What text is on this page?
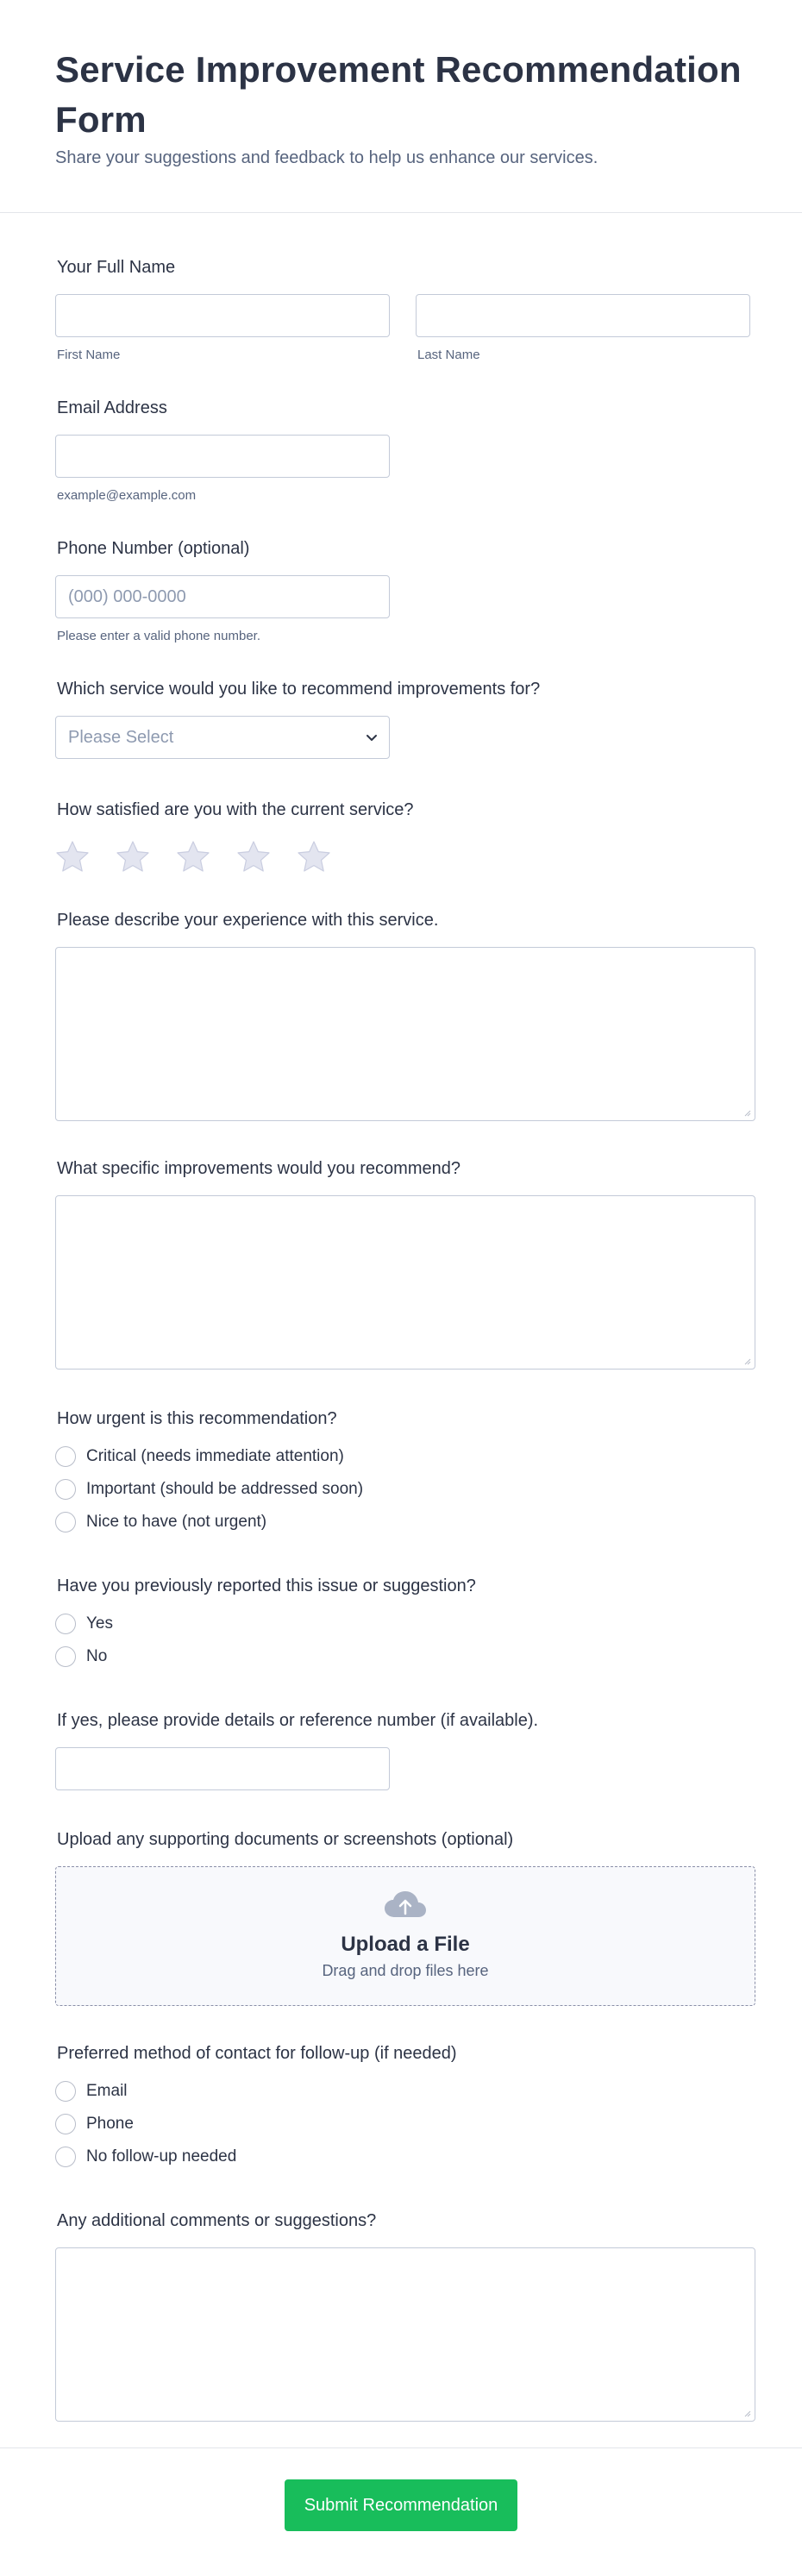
Service Improvement Recommendation Form

Share your suggestions and feedback to help us enhance our services.

Your Full Name
First Name	Last Name
Email Address
example@example.com
Phone Number (optional)
(000) 000-0000
Please enter a valid phone number.
Which service would you like to recommend improvements for?
Please Select
How satisfied are you with the current service?
Please describe your experience with this service.
What specific improvements would you recommend?
How urgent is this recommendation?
Critical (needs immediate attention)
Important (should be addressed soon)
Nice to have (not urgent)
Have you previously reported this issue or suggestion?
Yes
No
If yes, please provide details or reference number (if available).
Upload any supporting documents or screenshots (optional)
Upload a File
Drag and drop files here
Preferred method of contact for follow-up (if needed)
Email
Phone
No follow-up needed
Any additional comments or suggestions?
Submit Recommendation
